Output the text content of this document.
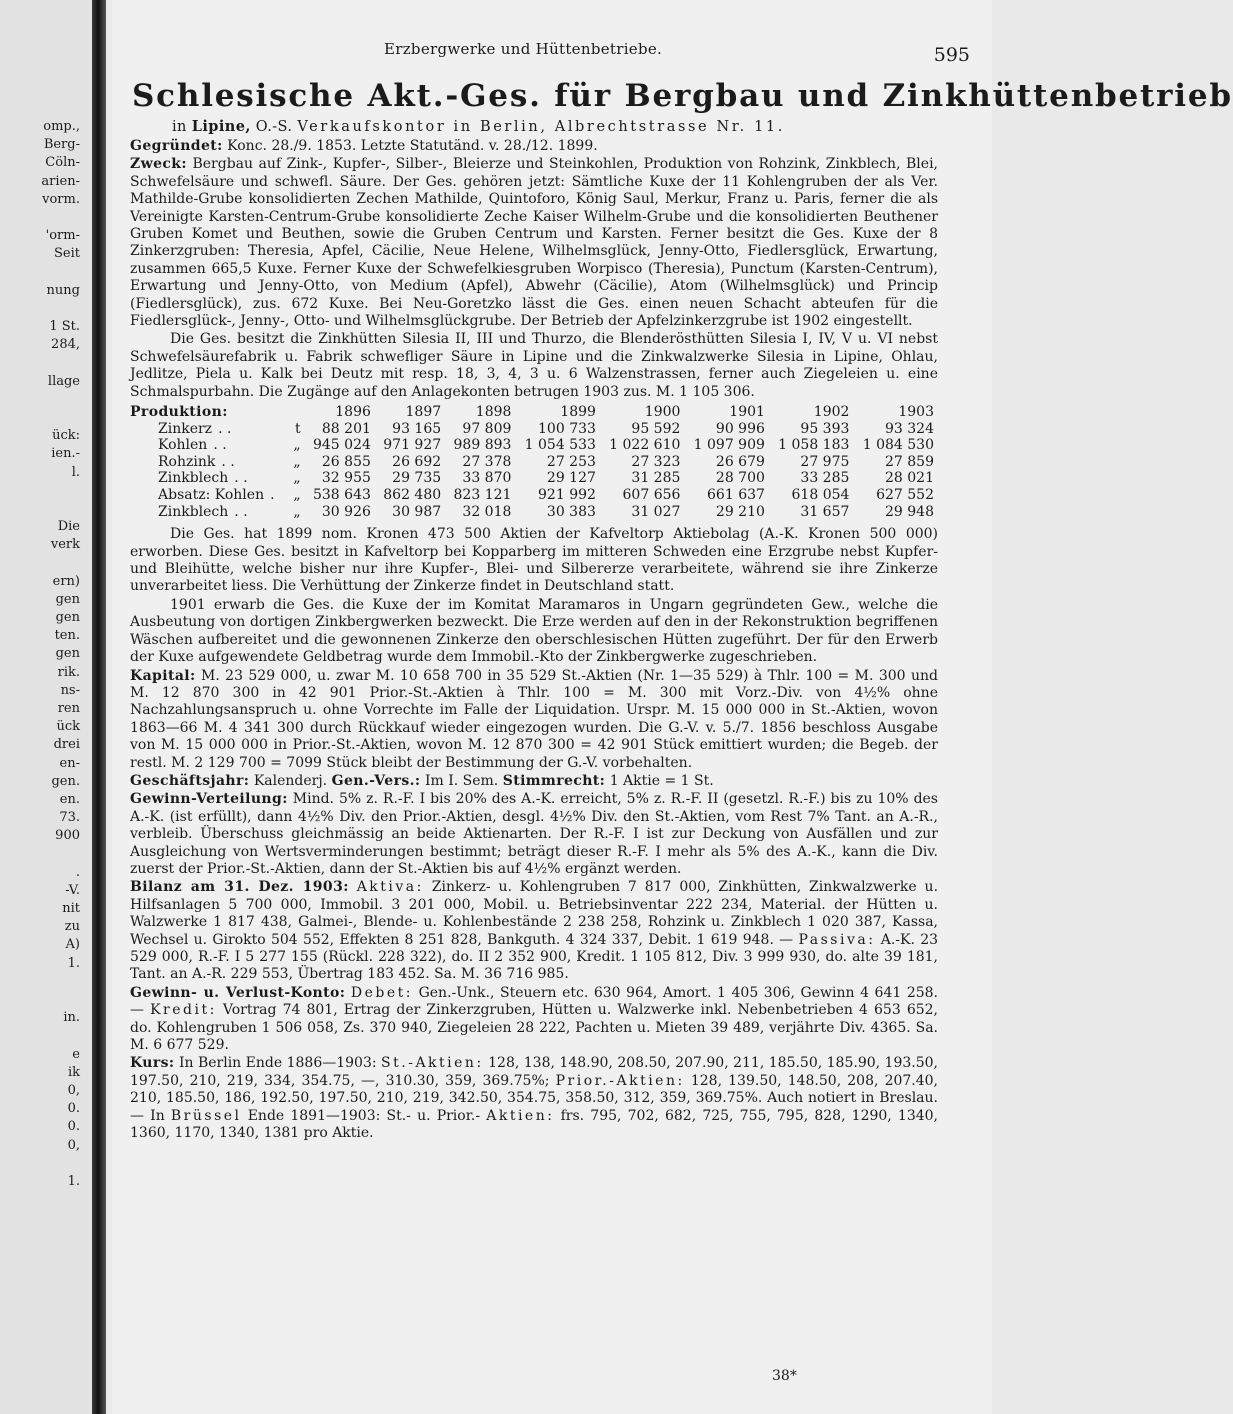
omp.,
Berg-
Cöln-
arien-
vorm.
'orm-
Seit
nung
1 St.
284,
llage
ück:
ien.-
l.
Die
verk
ern)
gen
gen
ten.
gen
rik.
ns-
ren
ück
drei
en-
gen.
en.
73.
900
.
-V.
nit
zu
A)
1.
in.
e
ik
0,
0.
0.
0,
1.
Erzbergwerke und Hüttenbetriebe.	595
Schlesische Akt.-Ges. für Bergbau und Zinkhüttenbetrieb
in Lipine, O.-S. Verkaufskontor in Berlin, Albrechtstrasse Nr. 11.

Gegründet: Konc. 28./9. 1853. Letzte Statutänd. v. 28./12. 1899.

Zweck: Bergbau auf Zink-, Kupfer-, Silber-, Bleierze und Steinkohlen, Produktion von Rohzink, Zinkblech, Blei, Schwefelsäure und schwefl. Säure. Der Ges. gehören jetzt: Sämtliche Kuxe der 11 Kohlengruben der als Ver. Mathilde-Grube konsolidierten Zechen Mathilde, Quintoforo, König Saul, Merkur, Franz u. Paris, ferner die als Vereinigte Karsten-Centrum-Grube konsolidierte Zeche Kaiser Wilhelm-Grube und die konsolidierten Beuthener Gruben Komet und Beuthen, sowie die Gruben Centrum und Karsten. Ferner besitzt die Ges. Kuxe der 8 Zinkerzgruben: Theresia, Apfel, Cäcilie, Neue Helene, Wilhelmsglück, Jenny-Otto, Fiedlersglück, Erwartung, zusammen 665,5 Kuxe. Ferner Kuxe der Schwefelkiesgruben Worpisco (Theresia), Punctum (Karsten-Centrum), Erwartung und Jenny-Otto, von Medium (Apfel), Abwehr (Cäcilie), Atom (Wilhelmsglück) und Princip (Fiedlersglück), zus. 672 Kuxe. Bei Neu-Goretzko lässt die Ges. einen neuen Schacht abteufen für die Fiedlersglück-, Jenny-, Otto- und Wilhelmsglückgrube. Der Betrieb der Apfelzinkerzgrube ist 1902 eingestellt.

Die Ges. besitzt die Zinkhütten Silesia II, III und Thurzo, die Blenderösthütten Silesia I, IV, V u. VI nebst Schwefelsäurefabrik u. Fabrik schwefliger Säure in Lipine und die Zinkwalzwerke Silesia in Lipine, Ohlau, Jedlitze, Piela u. Kalk bei Deutz mit resp. 18, 3, 4, 3 u. 6 Walzenstrassen, ferner auch Ziegeleien u. eine Schmalspurbahn. Die Zugänge auf den Anlagekonten betrugen 1903 zus. M. 1 105 306.

Produktion:		1896	1897	1898	1899	1900	1901	1902	1903
Zinkerz . .	t	88 201	93 165	97 809	100 733	95 592	90 996	95 393	93 324
Kohlen . .	„	945 024	971 927	989 893	1 054 533	1 022 610	1 097 909	1 058 183	1 084 530
Rohzink . .	„	26 855	26 692	27 378	27 253	27 323	26 679	27 975	27 859
Zinkblech . .	„	32 955	29 735	33 870	29 127	31 285	28 700	33 285	28 021
Absatz: Kohlen .	„	538 643	862 480	823 121	921 992	607 656	661 637	618 054	627 552
Zinkblech . .	„	30 926	30 987	32 018	30 383	31 027	29 210	31 657	29 948

Die Ges. hat 1899 nom. Kronen 473 500 Aktien der Kafveltorp Aktiebolag (A.-K. Kronen 500 000) erworben. Diese Ges. besitzt in Kafveltorp bei Kopparberg im mitteren Schweden eine Erzgrube nebst Kupfer- und Bleihütte, welche bisher nur ihre Kupfer-, Blei- und Silbererze verarbeitete, während sie ihre Zinkerze unverarbeitet liess. Die Verhüttung der Zinkerze findet in Deutschland statt.

1901 erwarb die Ges. die Kuxe der im Komitat Maramaros in Ungarn gegründeten Gew., welche die Ausbeutung von dortigen Zinkbergwerken bezweckt. Die Erze werden auf den in der Rekonstruktion begriffenen Wäschen aufbereitet und die gewonnenen Zinkerze den oberschlesischen Hütten zugeführt. Der für den Erwerb der Kuxe aufgewendete Geldbetrag wurde dem Immobil.-Kto der Zinkbergwerke zugeschrieben.

Kapital: M. 23 529 000, u. zwar M. 10 658 700 in 35 529 St.-Aktien (Nr. 1—35 529) à Thlr. 100 = M. 300 und M. 12 870 300 in 42 901 Prior.-St.-Aktien à Thlr. 100 = M. 300 mit Vorz.-Div. von 4½% ohne Nachzahlungsanspruch u. ohne Vorrechte im Falle der Liquidation. Urspr. M. 15 000 000 in St.-Aktien, wovon 1863—66 M. 4 341 300 durch Rückkauf wieder eingezogen wurden. Die G.-V. v. 5./7. 1856 beschloss Ausgabe von M. 15 000 000 in Prior.-St.-Aktien, wovon M. 12 870 300 = 42 901 Stück emittiert wurden; die Begeb. der restl. M. 2 129 700 = 7099 Stück bleibt der Bestimmung der G.-V. vorbehalten.

Geschäftsjahr: Kalenderj. Gen.-Vers.: Im I. Sem. Stimmrecht: 1 Aktie = 1 St.

Gewinn-Verteilung: Mind. 5% z. R.-F. I bis 20% des A.-K. erreicht, 5% z. R.-F. II (gesetzl. R.-F.) bis zu 10% des A.-K. (ist erfüllt), dann 4½% Div. den Prior.-Aktien, desgl. 4½% Div. den St.-Aktien, vom Rest 7% Tant. an A.-R., verbleib. Überschuss gleichmässig an beide Aktienarten. Der R.-F. I ist zur Deckung von Ausfällen und zur Ausgleichung von Wertsverminderungen bestimmt; beträgt dieser R.-F. I mehr als 5% des A.-K., kann die Div. zuerst der Prior.-St.-Aktien, dann der St.-Aktien bis auf 4½% ergänzt werden.

Bilanz am 31. Dez. 1903: Aktiva: Zinkerz- u. Kohlengruben 7 817 000, Zinkhütten, Zinkwalzwerke u. Hilfsanlagen 5 700 000, Immobil. 3 201 000, Mobil. u. Betriebsinventar 222 234, Material. der Hütten u. Walzwerke 1 817 438, Galmei-, Blende- u. Kohlenbestände 2 238 258, Rohzink u. Zinkblech 1 020 387, Kassa, Wechsel u. Girokto 504 552, Effekten 8 251 828, Bankguth. 4 324 337, Debit. 1 619 948. — Passiva: A.-K. 23 529 000, R.-F. I 5 277 155 (Rückl. 228 322), do. II 2 352 900, Kredit. 1 105 812, Div. 3 999 930, do. alte 39 181, Tant. an A.-R. 229 553, Übertrag 183 452. Sa. M. 36 716 985.

Gewinn- u. Verlust-Konto: Debet: Gen.-Unk., Steuern etc. 630 964, Amort. 1 405 306, Gewinn 4 641 258. — Kredit: Vortrag 74 801, Ertrag der Zinkerzgruben, Hütten u. Walzwerke inkl. Nebenbetrieben 4 653 652, do. Kohlengruben 1 506 058, Zs. 370 940, Ziegeleien 28 222, Pachten u. Mieten 39 489, verjährte Div. 4365. Sa. M. 6 677 529.

Kurs: In Berlin Ende 1886—1903: St.-Aktien: 128, 138, 148.90, 208.50, 207.90, 211, 185.50, 185.90, 193.50, 197.50, 210, 219, 334, 354.75, —, 310.30, 359, 369.75%; Prior.-Aktien: 128, 139.50, 148.50, 208, 207.40, 210, 185.50, 186, 192.50, 197.50, 210, 219, 342.50, 354.75, 358.50, 312, 359, 369.75%. Auch notiert in Breslau. — In Brüssel Ende 1891—1903: St.- u. Prior.- Aktien: frs. 795, 702, 682, 725, 755, 795, 828, 1290, 1340, 1360, 1170, 1340, 1381 pro Aktie.

38*
